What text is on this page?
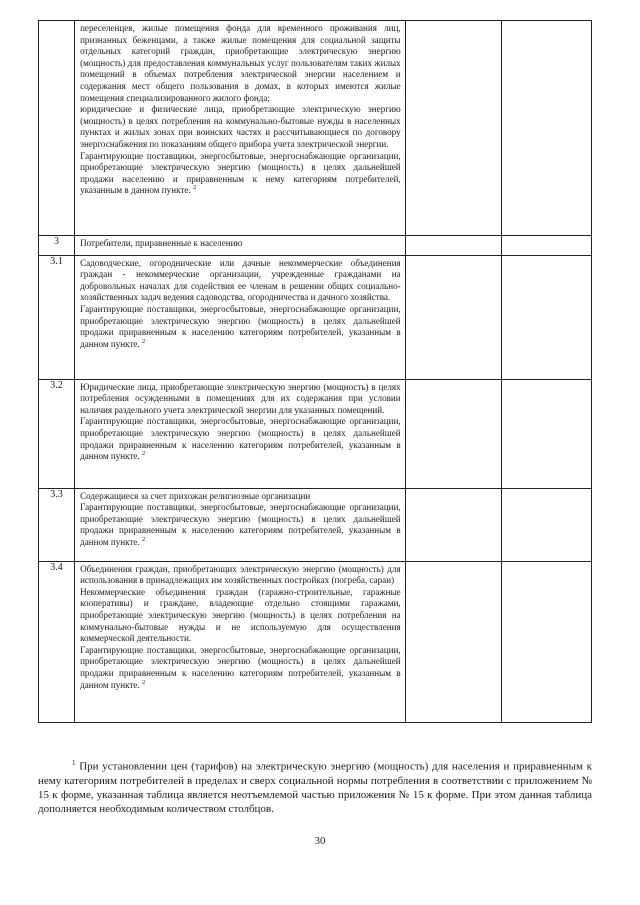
	переселенцев, жилые помещения фонда для временного проживания лиц, признанных беженцами, а также жилые помещения для социальной защиты отдельных категорий граждан, приобретающие электрическую энергию (мощность) для предоставления коммунальных услуг пользователям таких жилых помещений в объемах потребления электрической энергии населением и содержания мест общего пользования в домах, в которых имеются жилые помещения специализированного жилого фонда;
юридические и физические лица, приобретающие электрическую энергию (мощность) в целях потребления на коммунально-бытовые нужды в населенных пунктах и жилых зонах при воинских частях и рассчитывающиеся по договору энергоснабжения по показаниям общего прибора учета электрической энергии.
Гарантирующие поставщики, энергосбытовые, энергоснабжающие организации, приобретающие электрическую энергию (мощность) в целях дальнейшей продажи населению и приравненным к нему категориям потребителей, указанным в данном пункте. $^2$

3	Потребители, приравненные к населению		

3.1	Садоводческие, огороднические или дачные некоммерческие объединения граждан - некоммерческие организации, учрежденные гражданами на добровольных началах для содействия ее членам в решении общих социально-хозяйственных задач ведения садоводства, огородничества и дачного хозяйства.
Гарантирующие поставщики, энергосбытовые, энергоснабжающие организации, приобретающие электрическую энергию (мощность) в целях дальнейшей продажи приравненным к населению категориям потребителей, указанным в данном пункте. $^2$

3.2	Юридические лица, приобретающие электрическую энергию (мощность) в целях потребления осужденными в помещениях для их содержания при условии наличия раздельного учета электрической энергии для указанных помещений.
Гарантирующие поставщики, энергосбытовые, энергоснабжающие организации, приобретающие электрическую энергию (мощность) в целях дальнейшей продажи приравненным к населению категориям потребителей, указанным в данном пункте. $^2$

3.3	Содержащиеся за счет прихожан религиозные организации
Гарантирующие поставщики, энергосбытовые, энергоснабжающие организации, приобретающие электрическую энергию (мощность) в целях дальнейшей продажи приравненным к населению категориям потребителей, указанным в данном пункте. $^2$

3.4	Объединения граждан, приобретающих электрическую энергию (мощность) для использования в принадлежащих им хозяйственных постройках (погреба, сараи)
Некоммерческие объединения граждан (гаражно-строительные, гаражные кооперативы) и граждане, владеющие отдельно стоящими гаражами, приобретающие электрическую энергию (мощность) в целях потребления на коммунально-бытовые нужды и не используемую для осуществления коммерческой деятельности.
Гарантирующие поставщики, энергосбытовые, энергоснабжающие организации, приобретающие электрическую энергию (мощность) в целях дальнейшей продажи приравненным к населению категориям потребителей, указанным в данном пункте. $^2$

$^1$ При установлении цен (тарифов) на электрическую энергию (мощность) для населения и приравненным к нему категориям потребителей в пределах и сверх социальной нормы потребления в соответствии с приложением № 15 к форме, указанная таблица является неотъемлемой частью приложения № 15 к форме. При этом данная таблица дополняется необходимым количеством столбцов.
30
